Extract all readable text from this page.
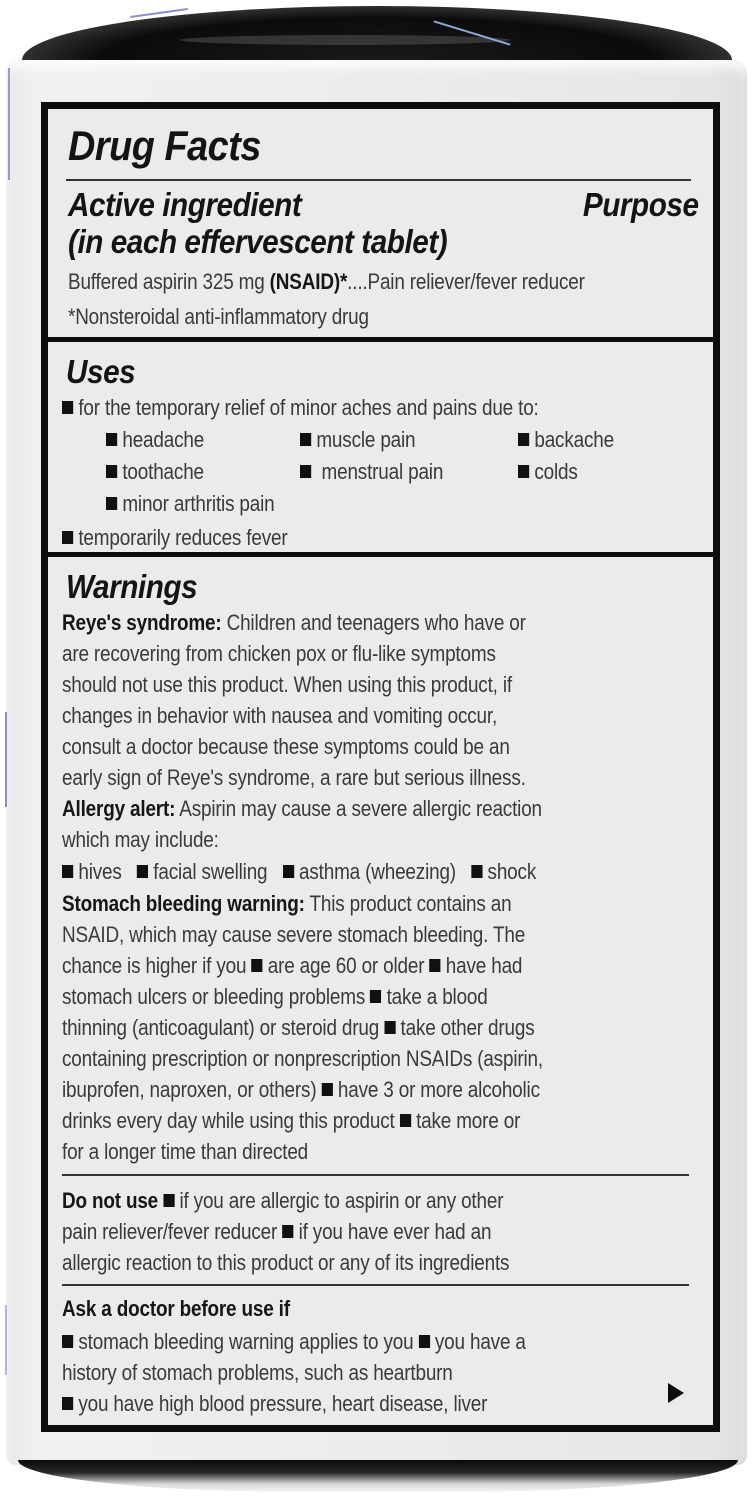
Drug Facts
Active ingredient	Purpose
(in each effervescent tablet)
Buffered aspirin 325 mg (NSAID)*....Pain reliever/fever reducer
*Nonsteroidal anti-inflammatory drug
Uses
for the temporary relief of minor aches and pains due to:
headache	muscle pain	backache
toothache	menstrual pain	colds
minor arthritis pain
temporarily reduces fever
Warnings
Reye's syndrome: Children and teenagers who have or
are recovering from chicken pox or flu-like symptoms
should not use this product. When using this product, if
changes in behavior with nausea and vomiting occur,
consult a doctor because these symptoms could be an
early sign of Reye's syndrome, a rare but serious illness.
Allergy alert: Aspirin may cause a severe allergic reaction
which may include:
hives facial swelling asthma (wheezing) shock
Stomach bleeding warning: This product contains an
NSAID, which may cause severe stomach bleeding. The
chance is higher if you are age 60 or older have had
stomach ulcers or bleeding problems take a blood
thinning (anticoagulant) or steroid drug take other drugs
containing prescription or nonprescription NSAIDs (aspirin,
ibuprofen, naproxen, or others) have 3 or more alcoholic
drinks every day while using this product take more or
for a longer time than directed
Do not use if you are allergic to aspirin or any other
pain reliever/fever reducer if you have ever had an
allergic reaction to this product or any of its ingredients
Ask a doctor before use if
stomach bleeding warning applies to you you have a
history of stomach problems, such as heartburn
you have high blood pressure, heart disease, liver
